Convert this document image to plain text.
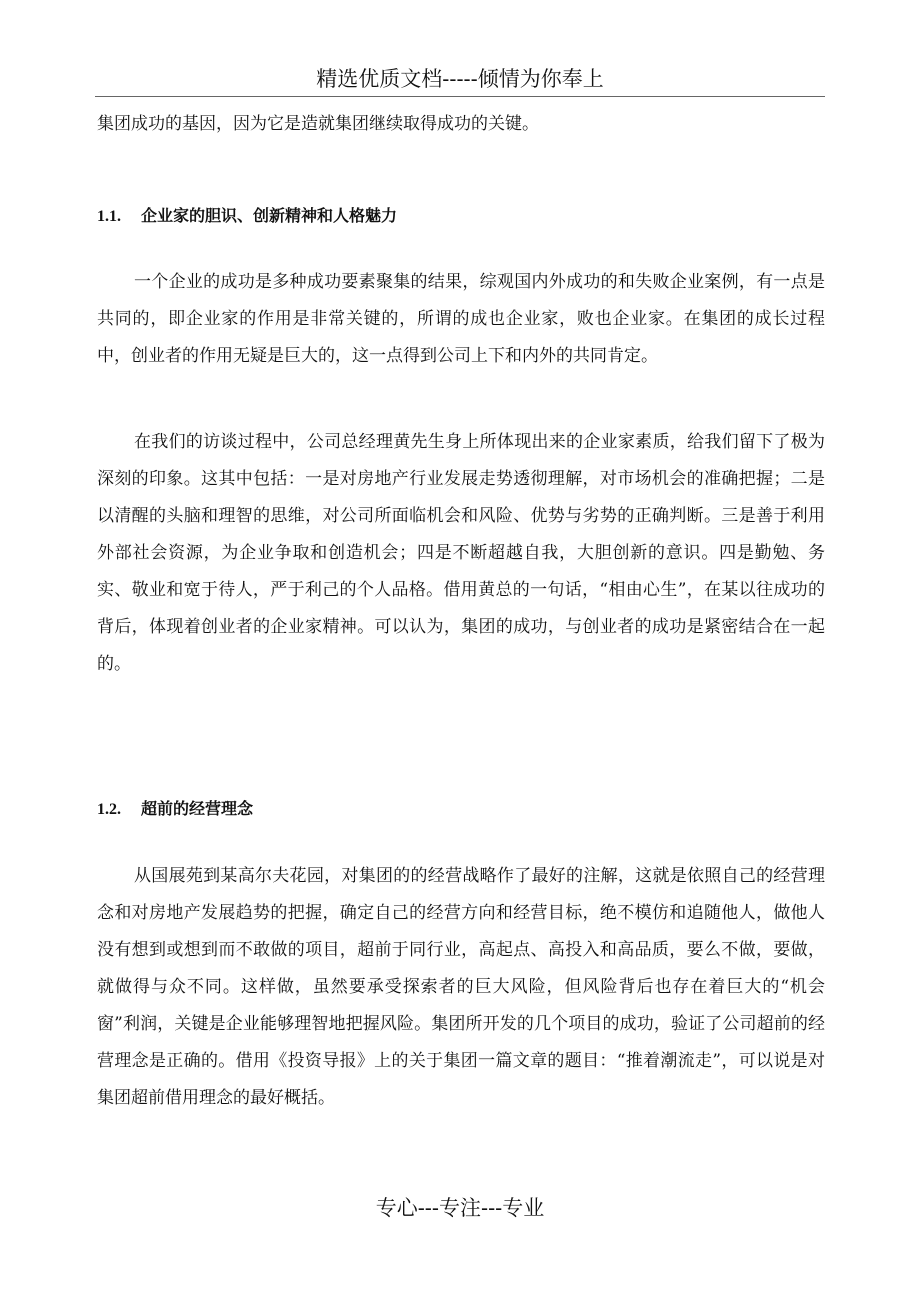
精选优质文档-----倾情为你奉上
集团成功的基因，因为它是造就集团继续取得成功的关键。
1.1. 企业家的胆识、创新精神和人格魅力
一个企业的成功是多种成功要素聚集的结果，综观国内外成功的和失败企业案例，有一点是共同的，即企业家的作用是非常关键的，所谓的成也企业家，败也企业家。在集团的成长过程中，创业者的作用无疑是巨大的，这一点得到公司上下和内外的共同肯定。
在我们的访谈过程中，公司总经理黄先生身上所体现出来的企业家素质，给我们留下了极为深刻的印象。这其中包括：一是对房地产行业发展走势透彻理解，对市场机会的准确把握；二是以清醒的头脑和理智的思维，对公司所面临机会和风险、优势与劣势的正确判断。三是善于利用外部社会资源，为企业争取和创造机会；四是不断超越自我，大胆创新的意识。四是勤勉、务实、敬业和宽于待人，严于利己的个人品格。借用黄总的一句话，“相由心生”，在某以往成功的背后，体现着创业者的企业家精神。可以认为，集团的成功，与创业者的成功是紧密结合在一起的。
1.2. 超前的经营理念
从国展苑到某高尔夫花园，对集团的的经营战略作了最好的注解，这就是依照自己的经营理念和对房地产发展趋势的把握，确定自己的经营方向和经营目标，绝不模仿和追随他人，做他人没有想到或想到而不敢做的项目，超前于同行业，高起点、高投入和高品质，要么不做，要做，就做得与众不同。这样做，虽然要承受探索者的巨大风险，但风险背后也存在着巨大的“机会窗”利润，关键是企业能够理智地把握风险。集团所开发的几个项目的成功，验证了公司超前的经营理念是正确的。借用《投资导报》上的关于集团一篇文章的题目：“推着潮流走”，可以说是对集团超前借用理念的最好概括。
专心---专注---专业
